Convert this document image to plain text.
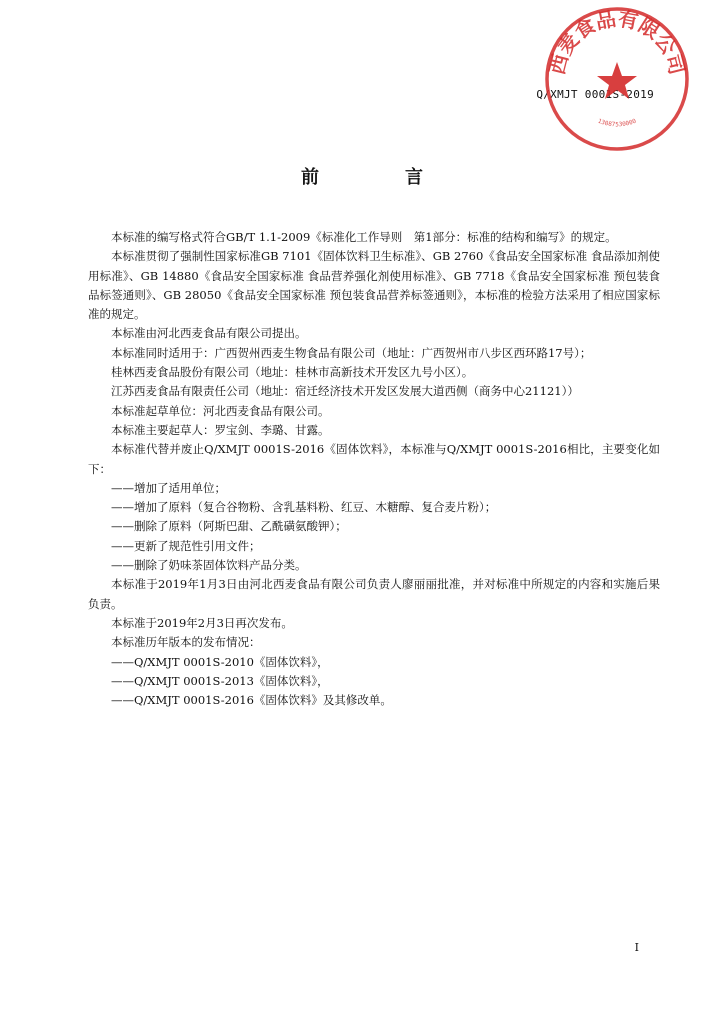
Q/XMJT 0001S-2019
西麦食品有限公司
13087530000
前　言

本标准的编写格式符合GB/T 1.1-2009《标准化工作导则　第1部分：标准的结构和编写》的规定。

本标准贯彻了强制性国家标准GB 7101《固体饮料卫生标准》、GB 2760《食品安全国家标准 食品添加剂使用标准》、GB 14880《食品安全国家标准 食品营养强化剂使用标准》、GB 7718《食品安全国家标准 预包装食品标签通则》、GB 28050《食品安全国家标准 预包装食品营养标签通则》，本标准的检验方法采用了相应国家标准的规定。

本标准由河北西麦食品有限公司提出。

本标准同时适用于：广西贺州西麦生物食品有限公司（地址：广西贺州市八步区西环路17号）；

桂林西麦食品股份有限公司（地址：桂林市高新技术开发区九号小区）。

江苏西麦食品有限责任公司（地址：宿迁经济技术开发区发展大道西侧（商务中心21121））

本标准起草单位：河北西麦食品有限公司。

本标准主要起草人：罗宝剑、李璐、甘露。

本标准代替并废止Q/XMJT 0001S-2016《固体饮料》，本标准与Q/XMJT 0001S-2016相比，主要变化如下：

——增加了适用单位；

——增加了原料（复合谷物粉、含乳基料粉、红豆、木糖醇、复合麦片粉）；

——删除了原料（阿斯巴甜、乙酰磺氨酸钾）；

——更新了规范性引用文件；

——删除了奶味茶固体饮料产品分类。

本标准于2019年1月3日由河北西麦食品有限公司负责人廖丽丽批准，并对标准中所规定的内容和实施后果负责。

本标准于2019年2月3日再次发布。

本标准历年版本的发布情况：

——Q/XMJT 0001S-2010《固体饮料》，

——Q/XMJT 0001S-2013《固体饮料》，

——Q/XMJT 0001S-2016《固体饮料》及其修改单。

I
